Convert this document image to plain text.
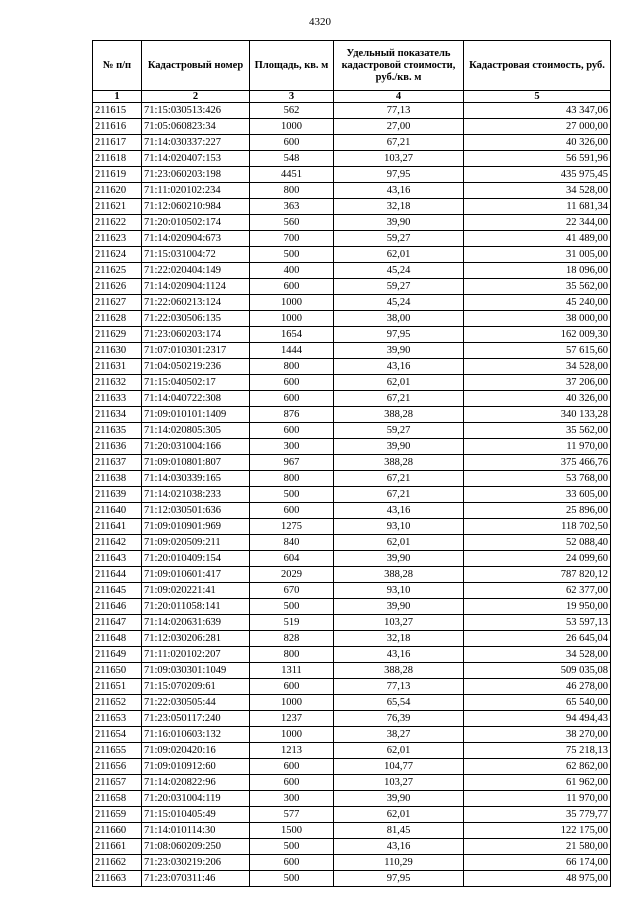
4320
№ п/п	Кадастровый номер	Площадь, кв. м	Удельный показатель кадастровой стоимости, руб./кв. м	Кадастровая стоимость, руб.
1	2	3	4	5
211615	71:15:030513:426	562	77,13	43 347,06
211616	71:05:060823:34	1000	27,00	27 000,00
211617	71:14:030337:227	600	67,21	40 326,00
211618	71:14:020407:153	548	103,27	56 591,96
211619	71:23:060203:198	4451	97,95	435 975,45
211620	71:11:020102:234	800	43,16	34 528,00
211621	71:12:060210:984	363	32,18	11 681,34
211622	71:20:010502:174	560	39,90	22 344,00
211623	71:14:020904:673	700	59,27	41 489,00
211624	71:15:031004:72	500	62,01	31 005,00
211625	71:22:020404:149	400	45,24	18 096,00
211626	71:14:020904:1124	600	59,27	35 562,00
211627	71:22:060213:124	1000	45,24	45 240,00
211628	71:22:030506:135	1000	38,00	38 000,00
211629	71:23:060203:174	1654	97,95	162 009,30
211630	71:07:010301:2317	1444	39,90	57 615,60
211631	71:04:050219:236	800	43,16	34 528,00
211632	71:15:040502:17	600	62,01	37 206,00
211633	71:14:040722:308	600	67,21	40 326,00
211634	71:09:010101:1409	876	388,28	340 133,28
211635	71:14:020805:305	600	59,27	35 562,00
211636	71:20:031004:166	300	39,90	11 970,00
211637	71:09:010801:807	967	388,28	375 466,76
211638	71:14:030339:165	800	67,21	53 768,00
211639	71:14:021038:233	500	67,21	33 605,00
211640	71:12:030501:636	600	43,16	25 896,00
211641	71:09:010901:969	1275	93,10	118 702,50
211642	71:09:020509:211	840	62,01	52 088,40
211643	71:20:010409:154	604	39,90	24 099,60
211644	71:09:010601:417	2029	388,28	787 820,12
211645	71:09:020221:41	670	93,10	62 377,00
211646	71:20:011058:141	500	39,90	19 950,00
211647	71:14:020631:639	519	103,27	53 597,13
211648	71:12:030206:281	828	32,18	26 645,04
211649	71:11:020102:207	800	43,16	34 528,00
211650	71:09:030301:1049	1311	388,28	509 035,08
211651	71:15:070209:61	600	77,13	46 278,00
211652	71:22:030505:44	1000	65,54	65 540,00
211653	71:23:050117:240	1237	76,39	94 494,43
211654	71:16:010603:132	1000	38,27	38 270,00
211655	71:09:020420:16	1213	62,01	75 218,13
211656	71:09:010912:60	600	104,77	62 862,00
211657	71:14:020822:96	600	103,27	61 962,00
211658	71:20:031004:119	300	39,90	11 970,00
211659	71:15:010405:49	577	62,01	35 779,77
211660	71:14:010114:30	1500	81,45	122 175,00
211661	71:08:060209:250	500	43,16	21 580,00
211662	71:23:030219:206	600	110,29	66 174,00
211663	71:23:070311:46	500	97,95	48 975,00
